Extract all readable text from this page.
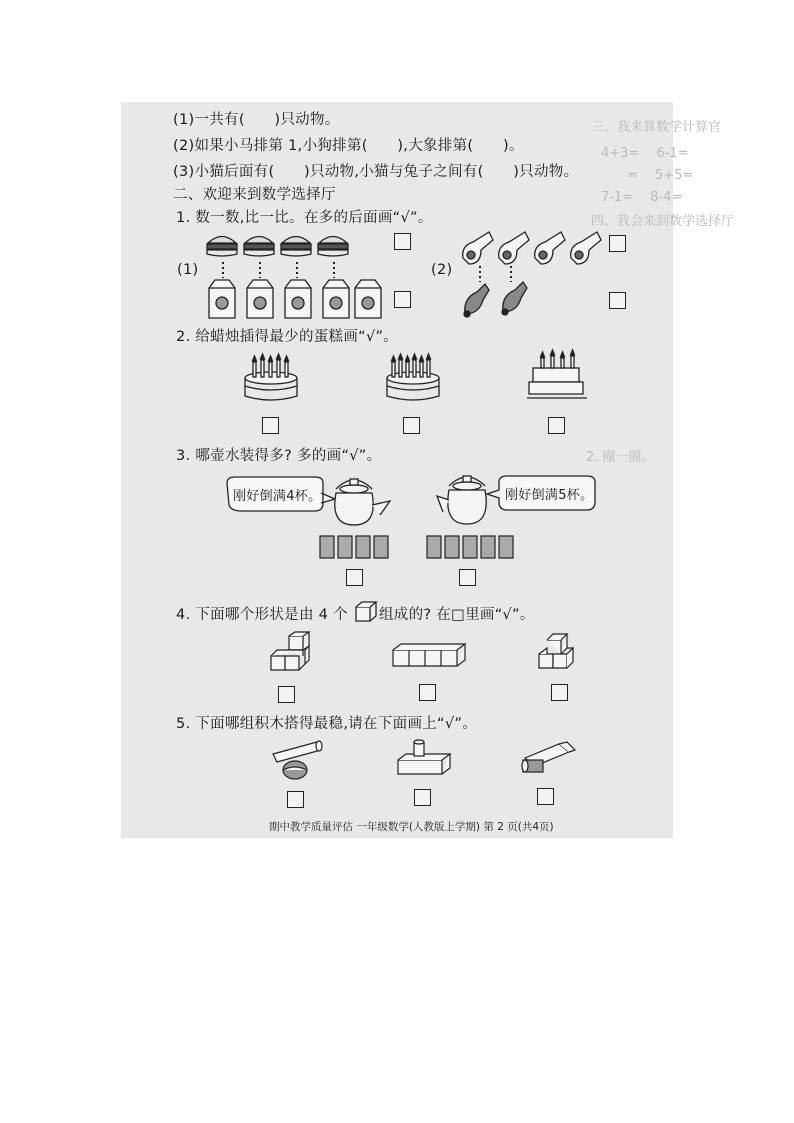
三、我来算数学计算官
4+3=　 6-1=
　　=　 5+5=
7-1=　 8-4=
四、我会来到数学选择厅
2. 圈一圈。
(1)一共有(　　)只动物。
(2)如果小马排第 1,小狗排第(　　),大象排第(　　)。
(3)小猫后面有(　　)只动物,小猫与兔子之间有(　　)只动物。
二、欢迎来到数学选择厅
1. 数一数,比一比。在多的后面画“√”。
(1)	(2)
2. 给蜡烛插得最少的蛋糕画“√”。
3. 哪壶水装得多? 多的画“√”。
刚好倒满4杯。	刚好倒满5杯。
4. 下面哪个形状是由 4 个 组成的? 在□里画“√”。
5. 下面哪组积木搭得最稳,请在下面画上“√”。
期中教学质量评估 一年级数学(人教版上学期) 第 2 页(共4页)
